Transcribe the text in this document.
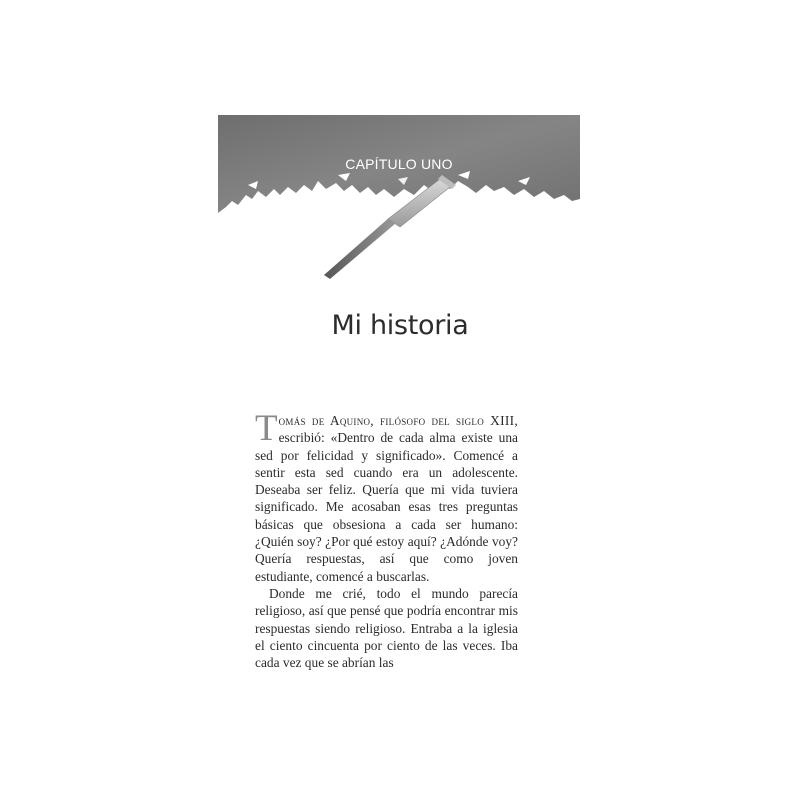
CAPÍTULO UNO
Mi historia

Tomás de Aquino, filósofo del siglo XIII, escribió: «Dentro de cada alma existe una sed por felicidad y significado». Comencé a sentir esta sed cuando era un adolescente. Deseaba ser feliz. Quería que mi vida tuviera significado. Me acosaban esas tres preguntas básicas que obsesiona a cada ser humano: ¿Quién soy? ¿Por qué estoy aquí? ¿Adónde voy? Quería respuestas, así que como joven estudiante, comencé a buscarlas.

Donde me crié, todo el mundo parecía religioso, así que pensé que podría encontrar mis respuestas siendo religioso. Entraba a la iglesia el ciento cincuenta por ciento de las veces. Iba cada vez que se abrían las
